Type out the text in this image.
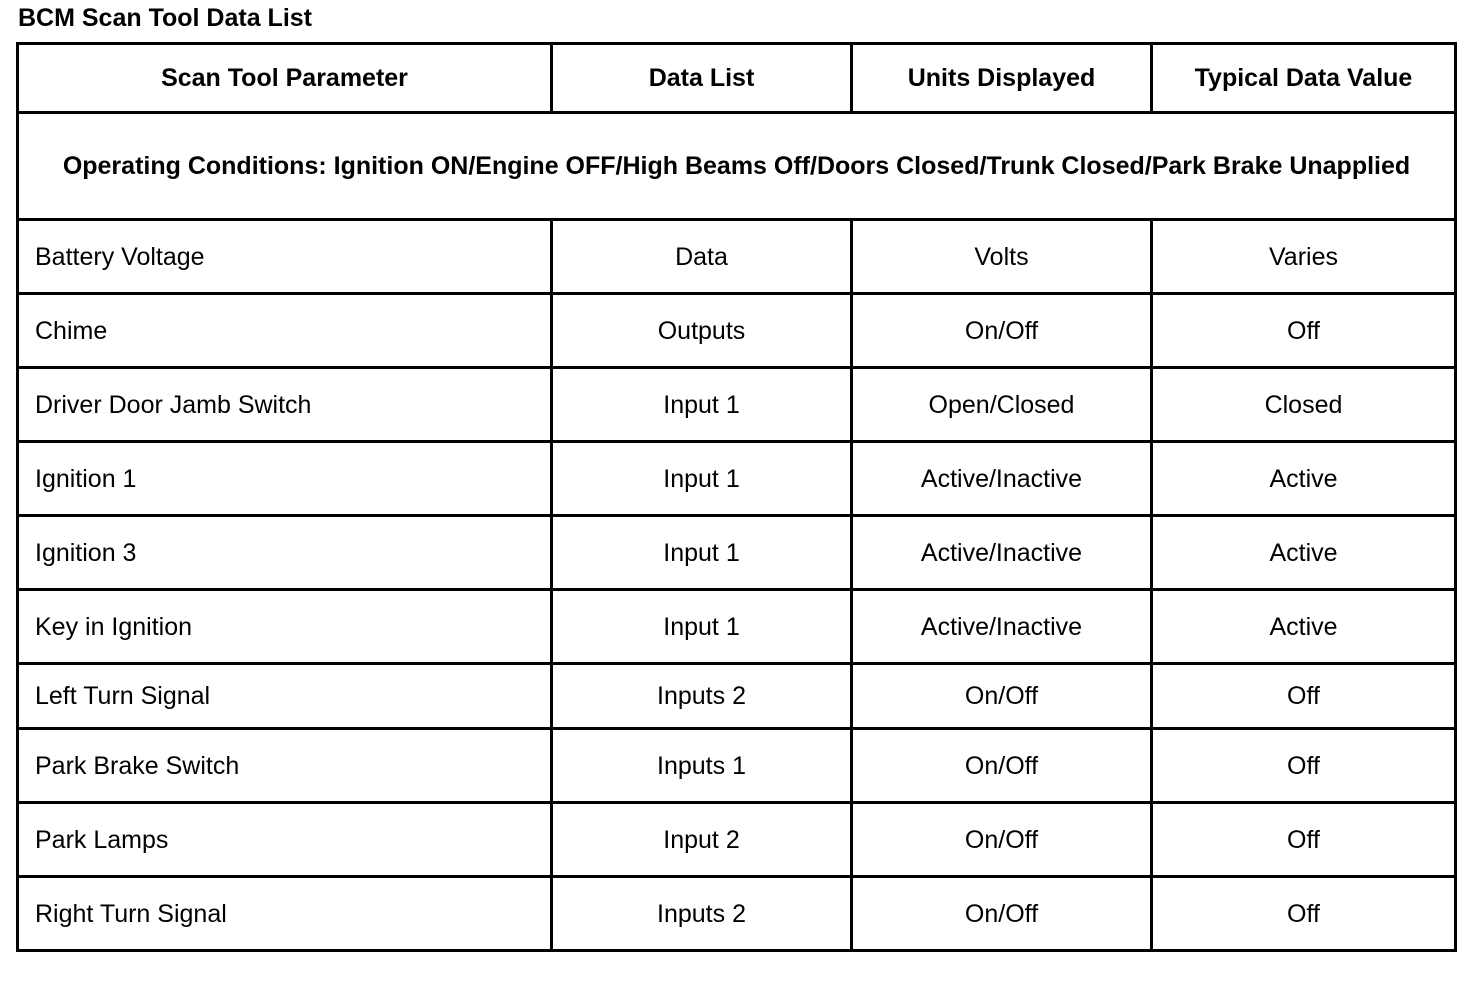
BCM Scan Tool Data List
Scan Tool Parameter	Data List	Units Displayed	Typical Data Value
Operating Conditions: Ignition ON/Engine OFF/High Beams Off/Doors Closed/Trunk Closed/Park Brake Unapplied			
Battery Voltage	Data	Volts	Varies
Chime	Outputs	On/Off	Off
Driver Door Jamb Switch	Input 1	Open/Closed	Closed
Ignition 1	Input 1	Active/Inactive	Active
Ignition 3	Input 1	Active/Inactive	Active
Key in Ignition	Input 1	Active/Inactive	Active
Left Turn Signal	Inputs 2	On/Off	Off
Park Brake Switch	Inputs 1	On/Off	Off
Park Lamps	Input 2	On/Off	Off
Right Turn Signal	Inputs 2	On/Off	Off
